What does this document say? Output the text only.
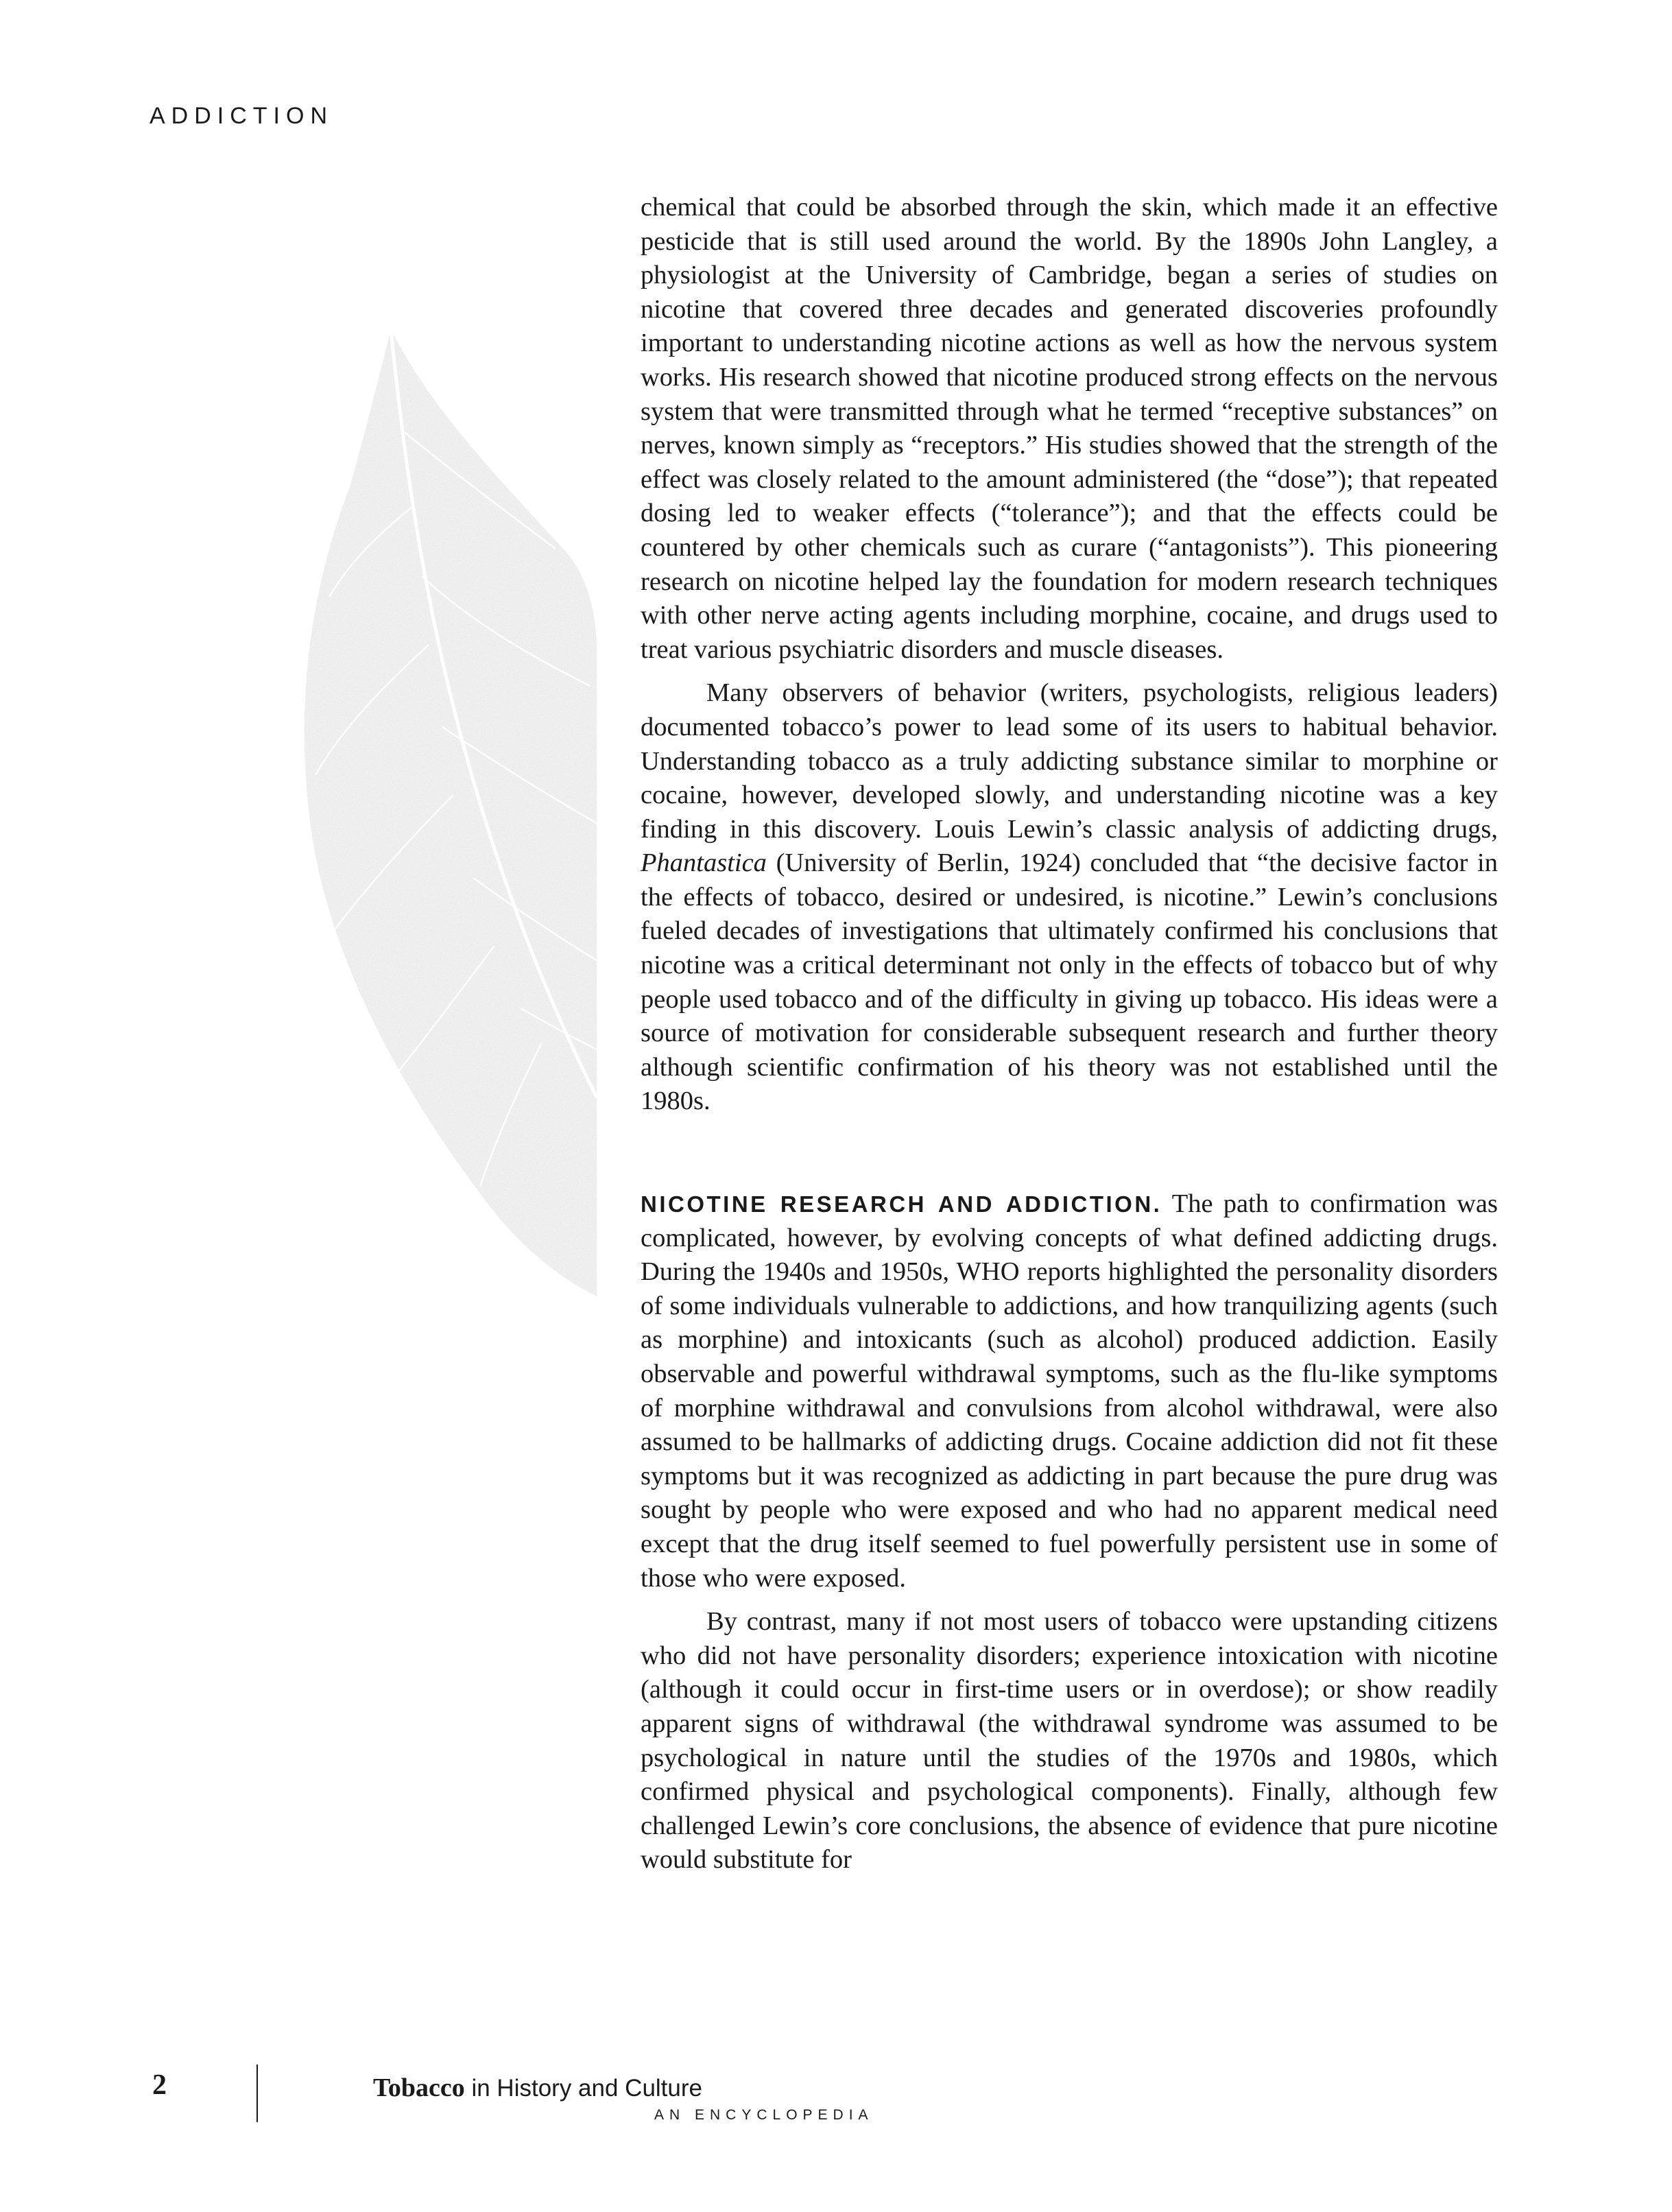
ADDICTION

chemical that could be absorbed through the skin, which made it an effective pesticide that is still used around the world. By the 1890s John Langley, a physiologist at the University of Cambridge, began a series of studies on nicotine that covered three decades and generated discoveries profoundly important to understanding nicotine actions as well as how the nervous system works. His research showed that nicotine produced strong effects on the nervous system that were transmitted through what he termed “receptive substances” on nerves, known simply as “receptors.” His studies showed that the strength of the effect was closely related to the amount administered (the “dose”); that repeated dosing led to weaker effects (“tolerance”); and that the effects could be countered by other chemicals such as curare (“antagonists”). This pioneering research on nicotine helped lay the foundation for modern research techniques with other nerve acting agents including morphine, cocaine, and drugs used to treat various psychiatric disorders and muscle diseases.

Many observers of behavior (writers, psychologists, religious leaders) documented tobacco’s power to lead some of its users to habitual behavior. Understanding tobacco as a truly addicting substance similar to morphine or cocaine, however, developed slowly, and understanding nicotine was a key finding in this discovery. Louis Lewin’s classic analysis of addicting drugs, Phantastica (University of Berlin, 1924) concluded that “the decisive factor in the effects of tobacco, desired or undesired, is nicotine.” Lewin’s conclusions fueled decades of investigations that ultimately confirmed his conclusions that nicotine was a critical determinant not only in the effects of tobacco but of why people used tobacco and of the difficulty in giving up tobacco. His ideas were a source of motivation for considerable subsequent research and further theory although scientific confirmation of his theory was not established until the 1980s.

NICOTINE RESEARCH AND ADDICTION. The path to confirmation was complicated, however, by evolving concepts of what defined addicting drugs. During the 1940s and 1950s, WHO reports highlighted the personality disorders of some individuals vulnerable to addictions, and how tranquilizing agents (such as morphine) and intoxicants (such as alcohol) produced addiction. Easily observable and powerful withdrawal symptoms, such as the flu-like symptoms of morphine withdrawal and convulsions from alcohol withdrawal, were also assumed to be hallmarks of addicting drugs. Cocaine addiction did not fit these symptoms but it was recognized as addicting in part because the pure drug was sought by people who were exposed and who had no apparent medical need except that the drug itself seemed to fuel powerfully persistent use in some of those who were exposed.

By contrast, many if not most users of tobacco were upstanding citizens who did not have personality disorders; experience intoxication with nicotine (although it could occur in first-time users or in overdose); or show readily apparent signs of withdrawal (the withdrawal syndrome was assumed to be psychological in nature until the studies of the 1970s and 1980s, which confirmed physical and psychological components). Finally, although few challenged Lewin’s core conclusions, the absence of evidence that pure nicotine would substitute for

2	Tobacco in History and Culture
AN ENCYCLOPEDIA
